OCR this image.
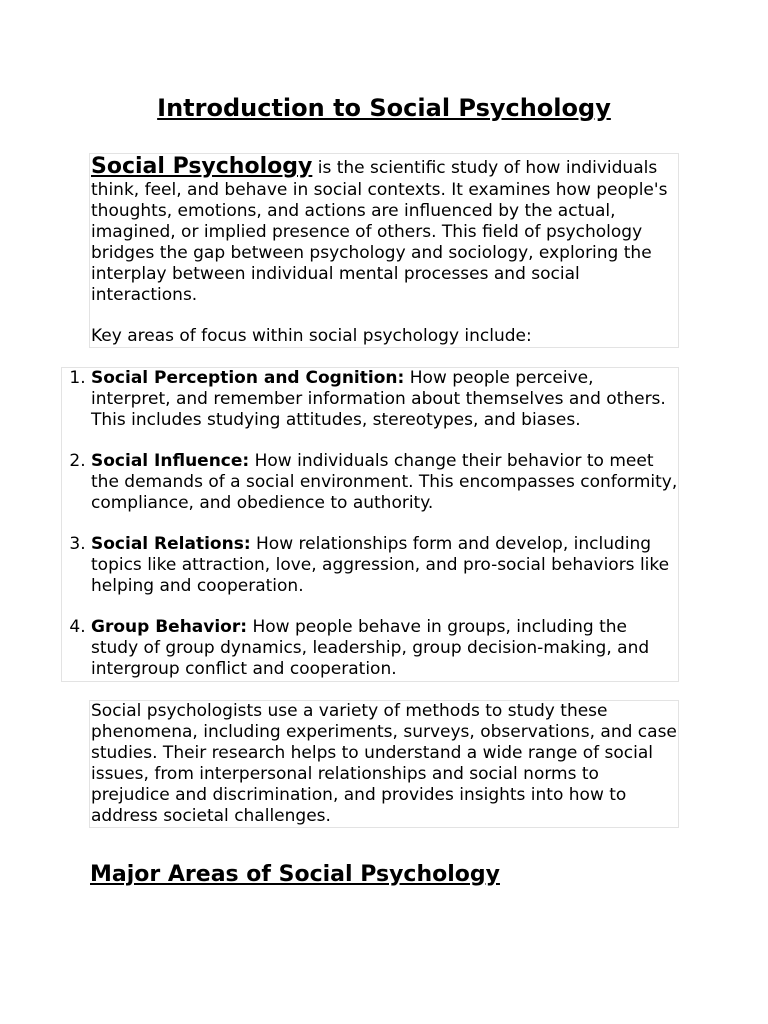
Introduction to Social Psychology

Social Psychology is the scientific study of how individuals think, feel, and behave in social contexts. It examines how people's thoughts, emotions, and actions are influenced by the actual, imagined, or implied presence of others. This field of psychology bridges the gap between psychology and sociology, exploring the interplay between individual mental processes and social interactions.

Key areas of focus within social psychology include:

1. Social Perception and Cognition: How people perceive, interpret, and remember information about themselves and others. This includes studying attitudes, stereotypes, and biases.
2. Social Influence: How individuals change their behavior to meet the demands of a social environment. This encompasses conformity, compliance, and obedience to authority.
3. Social Relations: How relationships form and develop, including topics like attraction, love, aggression, and pro-social behaviors like helping and cooperation.
4. Group Behavior: How people behave in groups, including the study of group dynamics, leadership, group decision-making, and intergroup conflict and cooperation.

Social psychologists use a variety of methods to study these phenomena, including experiments, surveys, observations, and case studies. Their research helps to understand a wide range of social issues, from interpersonal relationships and social norms to prejudice and discrimination, and provides insights into how to address societal challenges.

Major Areas of Social Psychology
